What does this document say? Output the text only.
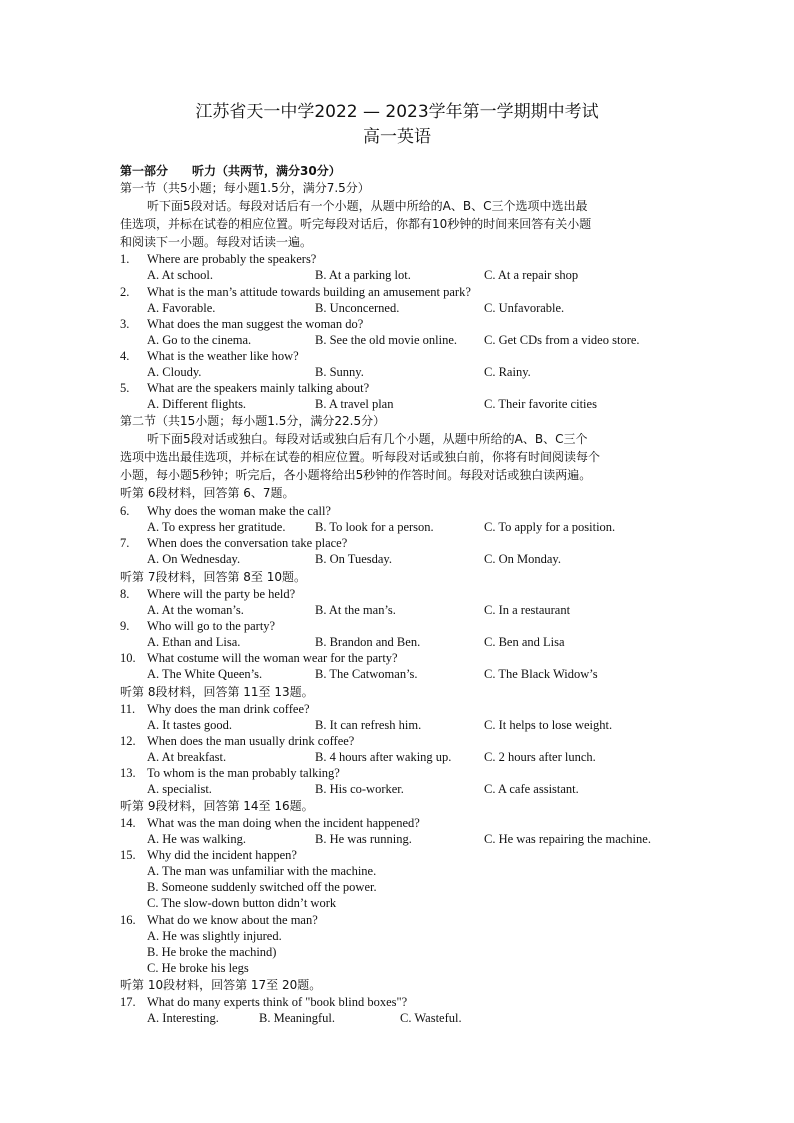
江苏省天一中学2022 — 2023学年第一学期期中考试
高一英语
第一部分　　听力（共两节，满分30分）
第一节（共5小题；每小题1.5分，满分7.5分）
听下面5段对话。每段对话后有一个小题，从题中所给的A、B、C三个选项中选出最
佳选项，并标在试卷的相应位置。听完每段对话后，你都有10秒钟的时间来回答有关小题
和阅读下一小题。每段对话读一遍。
1. Where are probably the speakers?
A. At school.	B. At a parking lot.	C. At a repair shop
2. What is the man’s attitude towards building an amusement park?
A. Favorable.	B. Unconcerned.	C. Unfavorable.
3. What does the man suggest the woman do?
A. Go to the cinema.	B. See the old movie online. C. Get CDs from a video store.
4. What is the weather like how?
A. Cloudy.	B. Sunny.	C. Rainy.
5. What are the speakers mainly talking about?
A. Different flights.	B. A travel plan	C. Their favorite cities
第二节（共15小题；每小题1.5分，满分22.5分）
听下面5段对话或独白。每段对话或独白后有几个小题，从题中所给的A、B、C三个
选项中选出最佳选项，并标在试卷的相应位置。听每段对话或独白前，你将有时间阅读每个
小题，每小题5秒钟；听完后，各小题将给出5秒钟的作答时间。每段对话或独白读两遍。
听第 6段材料，回答第 6、7题。
6. Why does the woman make the call?
A. To express her gratitude. B. To look for a person.	C. To apply for a position.
7. When does the conversation take place?
A. On Wednesday.	B. On Tuesday.	C. On Monday.
听第 7段材料，回答第 8至 10题。
8. Where will the party be held?
A. At the woman’s.	B. At the man’s.	C. In a restaurant
9. Who will go to the party?
A. Ethan and Lisa.	B. Brandon and Ben.	C. Ben and Lisa
10. What costume will the woman wear for the party?
A. The White Queen’s.	B. The Catwoman’s.	C. The Black Widow’s
听第 8段材料，回答第 11至 13题。
11. Why does the man drink coffee?
A. It tastes good.	B. It can refresh him.	C. It helps to lose weight.
12. When does the man usually drink coffee?
A. At breakfast.	B. 4 hours after waking up.	C. 2 hours after lunch.
13. To whom is the man probably talking?
A. specialist.	B. His co-worker.	C. A cafe assistant.
听第 9段材料，回答第 14至 16题。
14. What was the man doing when the incident happened?
A. He was walking.	B. He was running.	C. He was repairing the machine.
15. Why did the incident happen?
A. The man was unfamiliar with the machine.
B. Someone suddenly switched off the power.
C. The slow-down button didn’t work
16. What do we know about the man?
A. He was slightly injured.
B. He broke the machind)
C. He broke his legs
听第 10段材料，回答第 17至 20题。
17. What do many experts think of "book blind boxes"?
A. Interesting.	B. Meaningful.	C. Wasteful.
